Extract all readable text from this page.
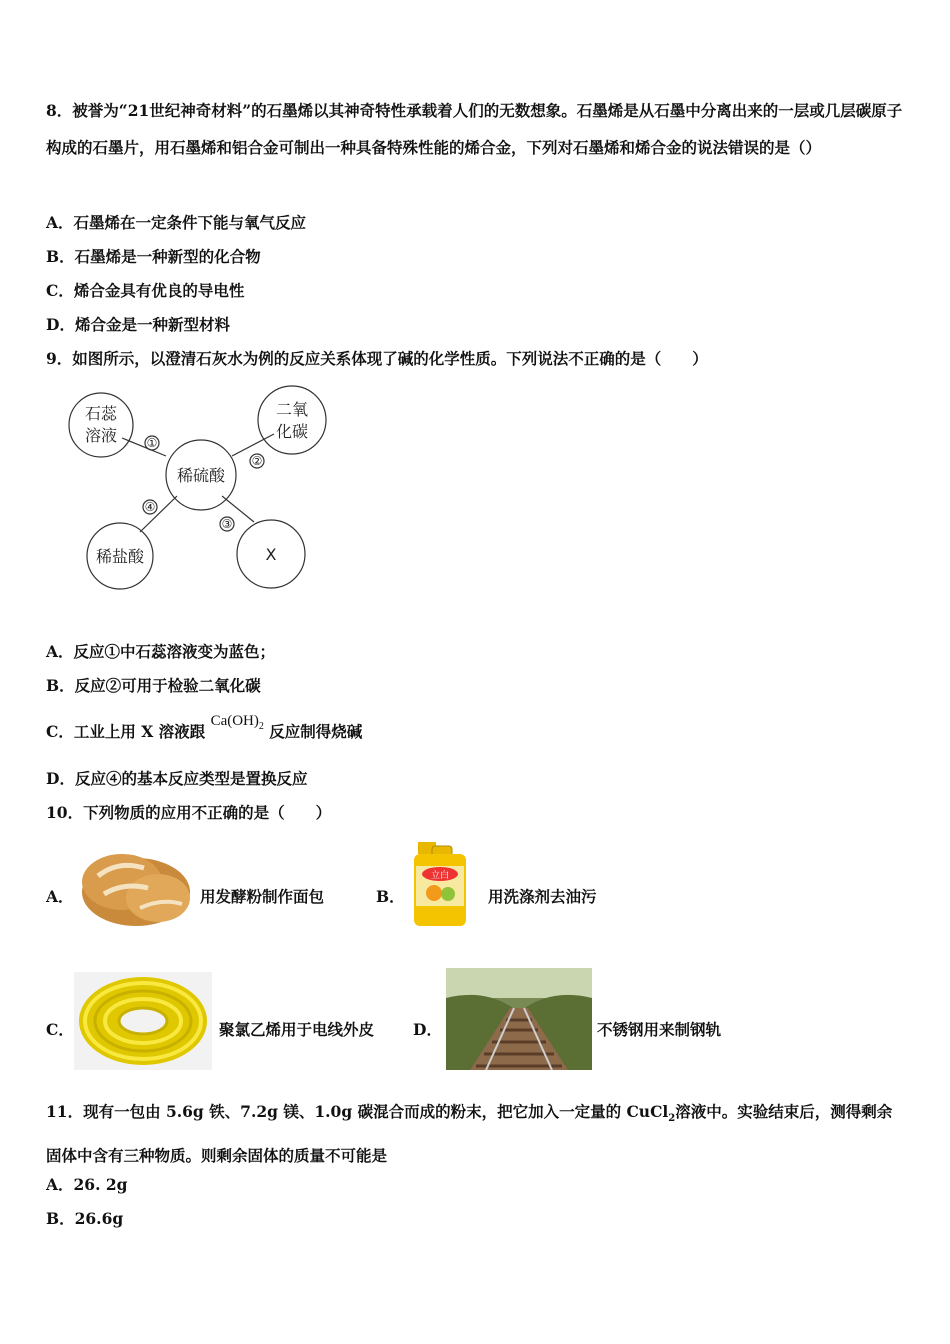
8．被誉为“21世纪神奇材料”的石墨烯以其神奇特性承载着人们的无数想象。石墨烯是从石墨中分离出来的一层或几层碳原子构成的石墨片，用石墨烯和铝合金可制出一种具备特殊性能的烯合金，下列对石墨烯和烯合金的说法错误的是（）
A．石墨烯在一定条件下能与氧气反应
B．石墨烯是一种新型的化合物
C．烯合金具有优良的导电性
D．烯合金是一种新型材料
9．如图所示，以澄清石灰水为例的反应关系体现了碱的化学性质。下列说法不正确的是（　　）
石蕊
溶液
二氧
化碳
稀硫酸
稀盐酸	X
①
②
③
④
A．反应①中石蕊溶液变为蓝色；
B．反应②可用于检验二氧化碳
C．工业上用 X 溶液跟 $Ca(OH)_2$ 反应制得烧碱
D．反应④的基本反应类型是置换反应
10．下列物质的应用不正确的是（　　）
A．	用发酵粉制作面包	B．
立白
用洗涤剂去油污
C．	聚氯乙烯用于电线外皮	D．	不锈钢用来制钢轨
11．现有一包由 5.6g 铁、7.2g 镁、1.0g 碳混合而成的粉末，把它加入一定量的 CuCl$_2$溶液中。实验结束后，测得剩余固体中含有三种物质。则剩余固体的质量不可能是
A．26. 2g
B．26.6g
